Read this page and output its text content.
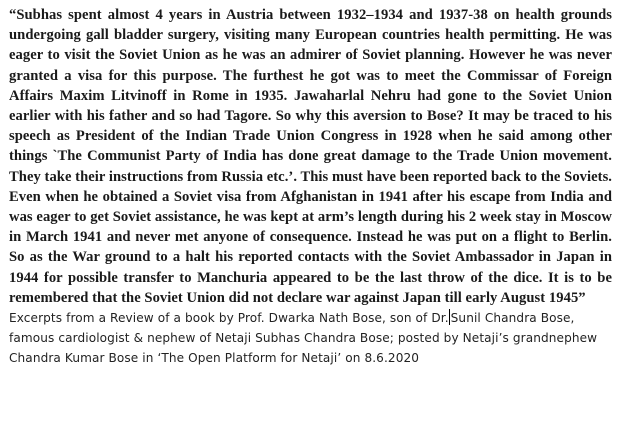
“Subhas spent almost 4 years in Austria between 1932–1934 and 1937-38 on health grounds undergoing gall bladder surgery, visiting many European countries health permitting. He was eager to visit the Soviet Union as he was an admirer of Soviet planning. However he was never granted a visa for this purpose. The furthest he got was to meet the Commissar of Foreign Affairs Maxim Litvinoff in Rome in 1935. Jawaharlal Nehru had gone to the Soviet Union earlier with his father and so had Tagore. So why this aversion to Bose? It may be traced to his speech as President of the Indian Trade Union Congress in 1928 when he said among other things `The Communist Party of India has done great damage to the Trade Union movement. They take their instructions from Russia etc.’. This must have been reported back to the Soviets. Even when he obtained a Soviet visa from Afghanistan in 1941 after his escape from India and was eager to get Soviet assistance, he was kept at arm’s length during his 2 week stay in Moscow in March 1941 and never met anyone of consequence. Instead he was put on a flight to Berlin. So as the War ground to a halt his reported contacts with the Soviet Ambassador in Japan in 1944 for possible transfer to Manchuria appeared to be the last throw of the dice. It is to be remembered that the Soviet Union did not declare war against Japan till early August 1945”

Excerpts from a Review of a book by Prof. Dwarka Nath Bose, son of Dr. Sunil Chandra Bose, famous cardiologist & nephew of Netaji Subhas Chandra Bose; posted by Netaji’s grandnephew Chandra Kumar Bose in ‘The Open Platform for Netaji’ on 8.6.2020
